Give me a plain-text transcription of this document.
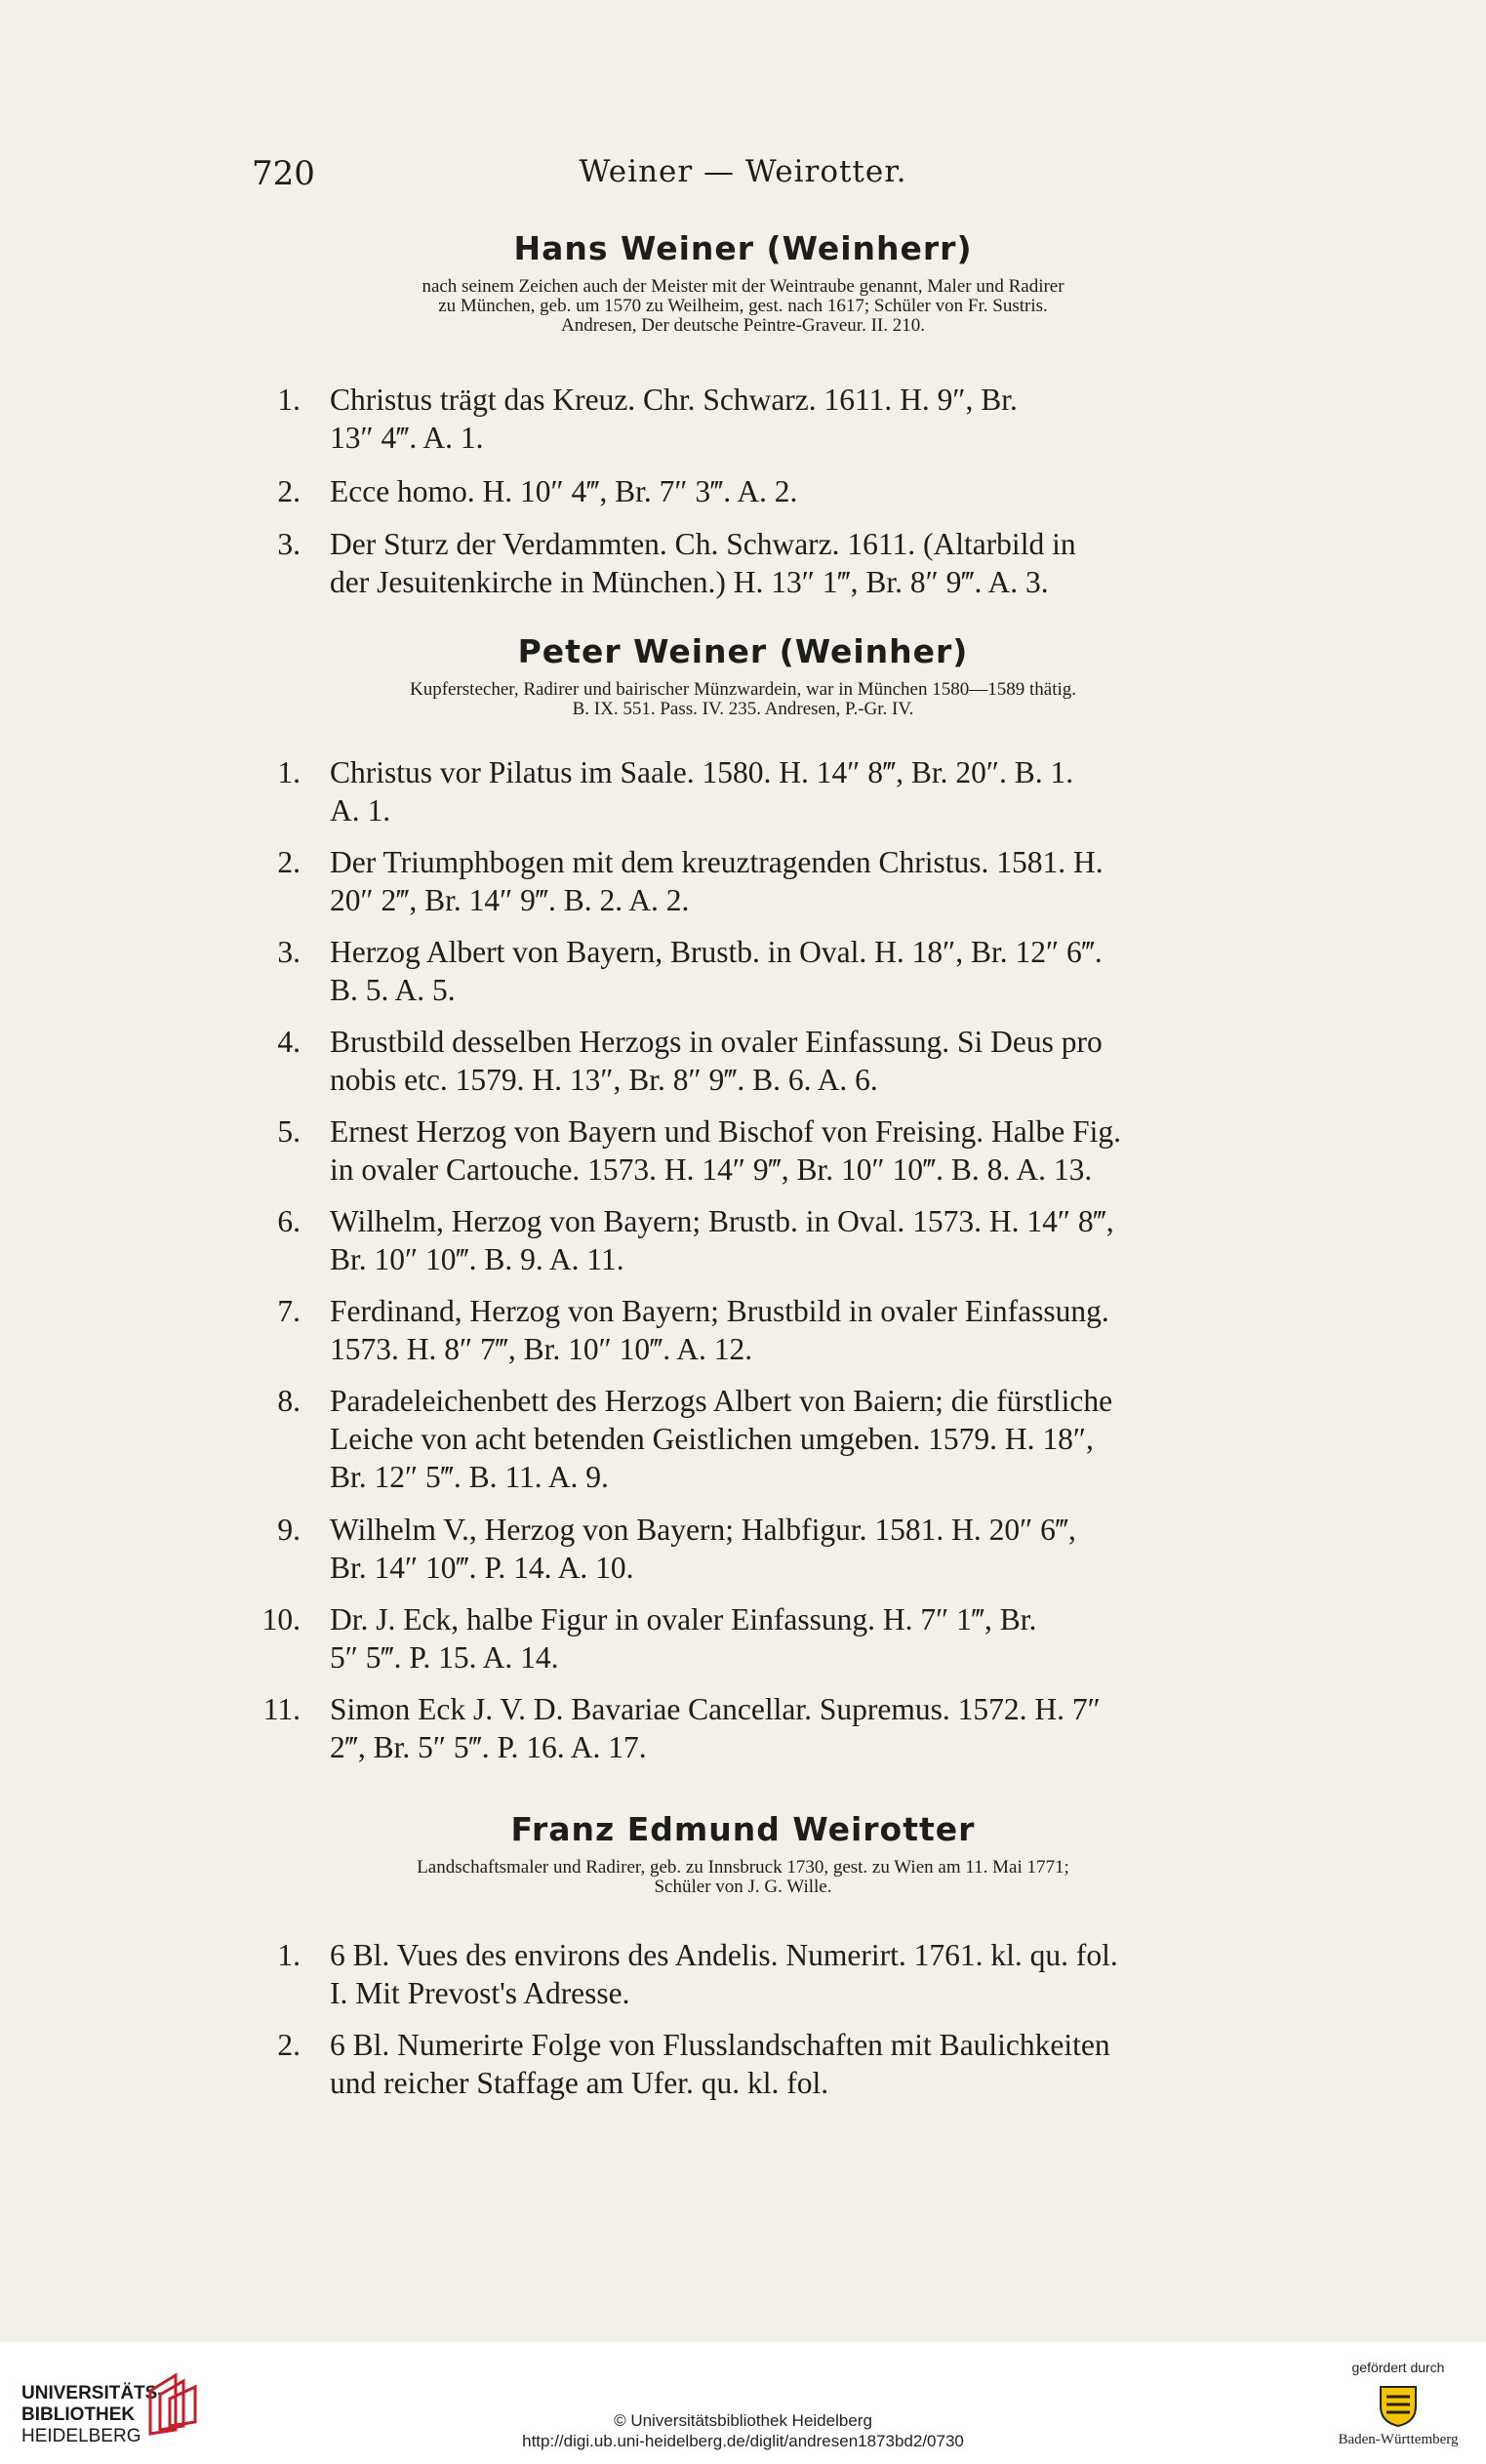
Weiner — Weirotter.
720
Hans Weiner (Weinherr)
nach seinem Zeichen auch der Meister mit der Weintraube genannt, Maler und Radirer
zu München, geb. um 1570 zu Weilheim, gest. nach 1617; Schüler von Fr. Sustris.
Andresen, Der deutsche Peintre-Graveur. II. 210.
1. Christus trägt das Kreuz. Chr. Schwarz. 1611. H. 9″, Br.
13″ 4‴. A. 1.
2. Ecce homo. H. 10″ 4‴, Br. 7″ 3‴. A. 2.
3. Der Sturz der Verdammten. Ch. Schwarz. 1611. (Altarbild in
der Jesuitenkirche in München.) H. 13″ 1‴, Br. 8″ 9‴. A. 3.
Peter Weiner (Weinher)
Kupferstecher, Radirer und bairischer Münzwardein, war in München 1580—1589 thätig.
B. IX. 551. Pass. IV. 235. Andresen, P.-Gr. IV.
1. Christus vor Pilatus im Saale. 1580. H. 14″ 8‴, Br. 20″. B. 1.
A. 1.
2. Der Triumphbogen mit dem kreuztragenden Christus. 1581. H.
20″ 2‴, Br. 14″ 9‴. B. 2. A. 2.
3. Herzog Albert von Bayern, Brustb. in Oval. H. 18″, Br. 12″ 6‴.
B. 5. A. 5.
4. Brustbild desselben Herzogs in ovaler Einfassung. Si Deus pro
nobis etc. 1579. H. 13″, Br. 8″ 9‴. B. 6. A. 6.
5. Ernest Herzog von Bayern und Bischof von Freising. Halbe Fig.
in ovaler Cartouche. 1573. H. 14″ 9‴, Br. 10″ 10‴. B. 8. A. 13.
6. Wilhelm, Herzog von Bayern; Brustb. in Oval. 1573. H. 14″ 8‴,
Br. 10″ 10‴. B. 9. A. 11.
7. Ferdinand, Herzog von Bayern; Brustbild in ovaler Einfassung.
1573. H. 8″ 7‴, Br. 10″ 10‴. A. 12.
8. Paradeleichenbett des Herzogs Albert von Baiern; die fürstliche
Leiche von acht betenden Geistlichen umgeben. 1579. H. 18″,
Br. 12″ 5‴. B. 11. A. 9.
9. Wilhelm V., Herzog von Bayern; Halbfigur. 1581. H. 20″ 6‴,
Br. 14″ 10‴. P. 14. A. 10.
10. Dr. J. Eck, halbe Figur in ovaler Einfassung. H. 7″ 1‴, Br.
5″ 5‴. P. 15. A. 14.
11. Simon Eck J. V. D. Bavariae Cancellar. Supremus. 1572. H. 7″
2‴, Br. 5″ 5‴. P. 16. A. 17.
Franz Edmund Weirotter
Landschaftsmaler und Radirer, geb. zu Innsbruck 1730, gest. zu Wien am 11. Mai 1771;
Schüler von J. G. Wille.
1. 6 Bl. Vues des environs des Andelis. Numerirt. 1761. kl. qu. fol.
I. Mit Prevost's Adresse.
2. 6 Bl. Numerirte Folge von Flusslandschaften mit Baulichkeiten
und reicher Staffage am Ufer. qu. kl. fol.
UNIVERSITÄTS-
BIBLIOTHEK
HEIDELBERG
© Universitätsbibliothek Heidelberg
http://digi.ub.uni-heidelberg.de/diglit/andresen1873bd2/0730
gefördert durch
Baden-Württemberg
